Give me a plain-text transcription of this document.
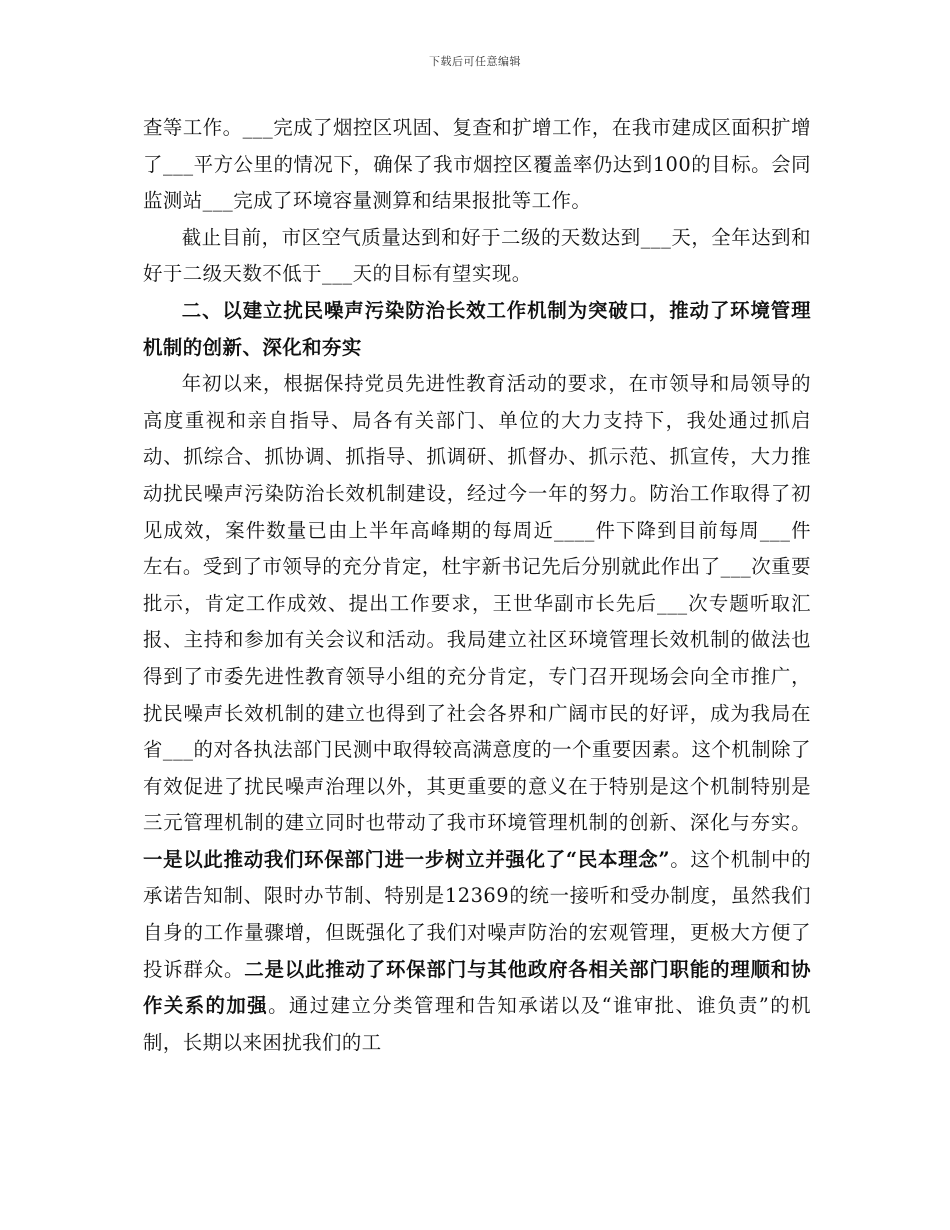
下载后可任意编辑

查等工作。___完成了烟控区巩固、复查和扩增工作，在我市建成区面积扩增了___平方公里的情况下，确保了我市烟控区覆盖率仍达到100的目标。会同监测站___完成了环境容量测算和结果报批等工作。

截止目前，市区空气质量达到和好于二级的天数达到___天，全年达到和好于二级天数不低于___天的目标有望实现。

二、以建立扰民噪声污染防治长效工作机制为突破口，推动了环境管理机制的创新、深化和夯实

年初以来，根据保持党员先进性教育活动的要求，在市领导和局领导的高度重视和亲自指导、局各有关部门、单位的大力支持下，我处通过抓启动、抓综合、抓协调、抓指导、抓调研、抓督办、抓示范、抓宣传，大力推动扰民噪声污染防治长效机制建设，经过今一年的努力。防治工作取得了初见成效，案件数量已由上半年高峰期的每周近____件下降到目前每周___件左右。受到了市领导的充分肯定，杜宇新书记先后分别就此作出了___次重要批示，肯定工作成效、提出工作要求，王世华副市长先后___次专题听取汇报、主持和参加有关会议和活动。我局建立社区环境管理长效机制的做法也得到了市委先进性教育领导小组的充分肯定，专门召开现场会向全市推广，扰民噪声长效机制的建立也得到了社会各界和广阔市民的好评，成为我局在省___的对各执法部门民测中取得较高满意度的一个重要因素。这个机制除了有效促进了扰民噪声治理以外，其更重要的意义在于特别是这个机制特别是三元管理机制的建立同时也带动了我市环境管理机制的创新、深化与夯实。一是以此推动我们环保部门进一步树立并强化了“民本理念”。这个机制中的承诺告知制、限时办节制、特别是12369的统一接听和受办制度，虽然我们自身的工作量骤增，但既强化了我们对噪声防治的宏观管理，更极大方便了投诉群众。二是以此推动了环保部门与其他政府各相关部门职能的理顺和协作关系的加强。通过建立分类管理和告知承诺以及“谁审批、谁负责”的机制，长期以来困扰我们的工
